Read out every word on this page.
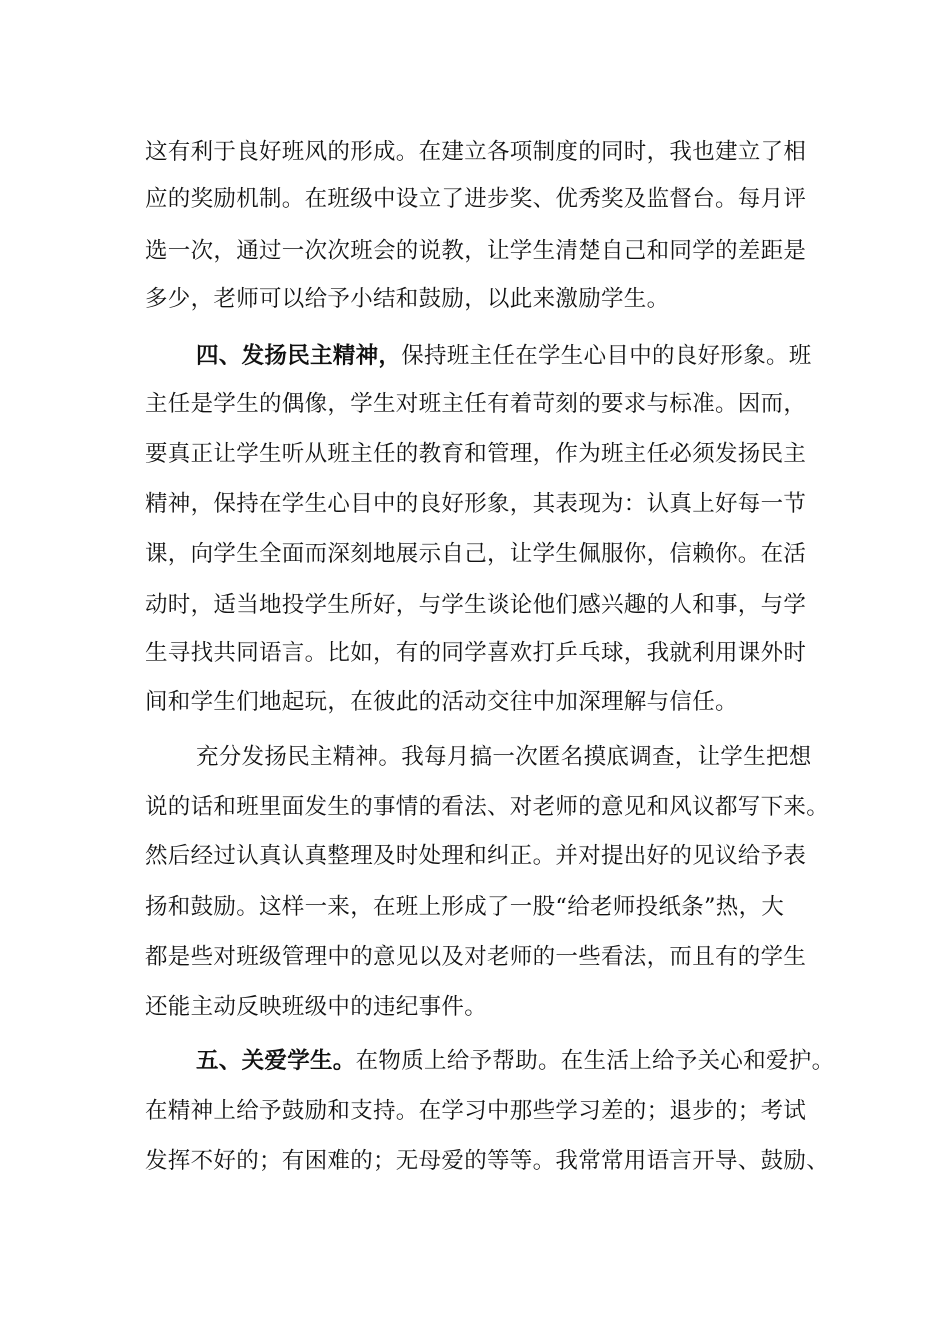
这有利于良好班风的形成。在建立各项制度的同时，我也建立了相
应的奖励机制。在班级中设立了进步奖、优秀奖及监督台。每月评
选一次，通过一次次班会的说教，让学生清楚自己和同学的差距是
多少，老师可以给予小结和鼓励，以此来激励学生。
四、发扬民主精神，保持班主任在学生心目中的良好形象。班
主任是学生的偶像，学生对班主任有着苛刻的要求与标准。因而，
要真正让学生听从班主任的教育和管理，作为班主任必须发扬民主
精神，保持在学生心目中的良好形象，其表现为：认真上好每一节
课，向学生全面而深刻地展示自己，让学生佩服你，信赖你。在活
动时，适当地投学生所好，与学生谈论他们感兴趣的人和事，与学
生寻找共同语言。比如，有的同学喜欢打乒乓球，我就利用课外时
间和学生们地起玩，在彼此的活动交往中加深理解与信任。
充分发扬民主精神。我每月搞一次匿名摸底调查，让学生把想
说的话和班里面发生的事情的看法、对老师的意见和风议都写下来。
然后经过认真认真整理及时处理和纠正。并对提出好的见议给予表
扬和鼓励。这样一来，在班上形成了一股“给老师投纸条”热，大
都是些对班级管理中的意见以及对老师的一些看法，而且有的学生
还能主动反映班级中的违纪事件。
五、关爱学生。在物质上给予帮助。在生活上给予关心和爱护。
在精神上给予鼓励和支持。在学习中那些学习差的；退步的；考试
发挥不好的；有困难的；无母爱的等等。我常常用语言开导、鼓励、
